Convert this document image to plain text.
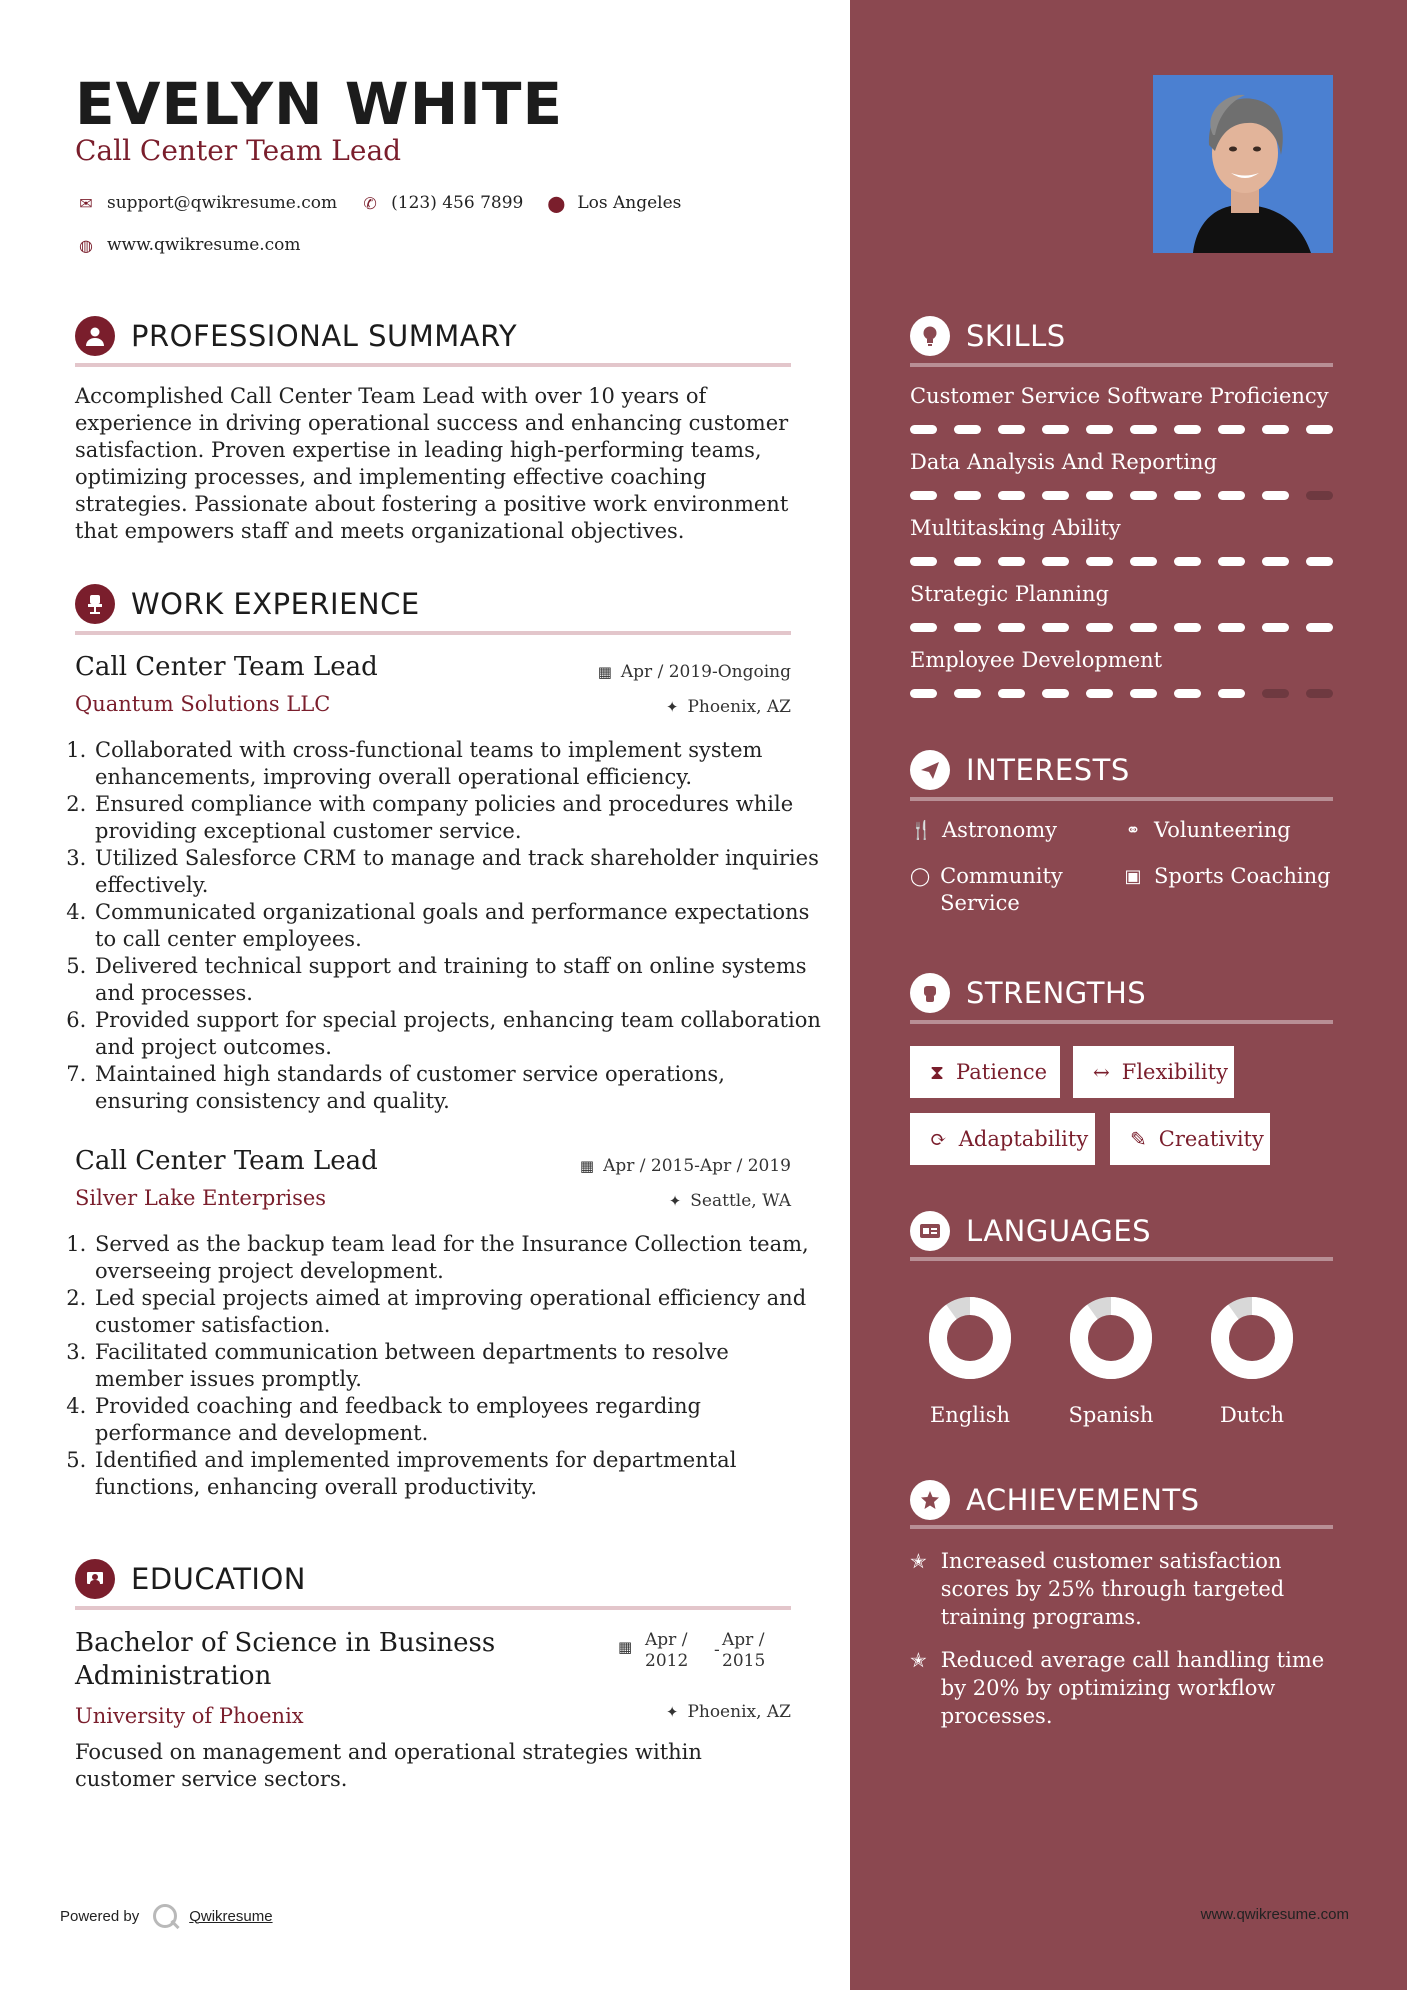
EVELYN WHITE
Call Center Team Lead
✉ support@qwikresume.com ✆ (123) 456 7899 ⬤ Los Angeles
◍ www.qwikresume.com
PROFESSIONAL SUMMARY
Accomplished Call Center Team Lead with over 10 years of experience in driving operational success and enhancing customer satisfaction. Proven expertise in leading high-performing teams, optimizing processes, and implementing effective coaching strategies. Passionate about fostering a positive work environment that empowers staff and meets organizational objectives.
WORK EXPERIENCE
Call Center Team Lead	▦ Apr / 2019-Ongoing
Quantum Solutions LLC	✦ Phoenix, AZ
1. Collaborated with cross-functional teams to implement system enhancements, improving overall operational efficiency.
2. Ensured compliance with company policies and procedures while providing exceptional customer service.
3. Utilized Salesforce CRM to manage and track shareholder inquiries effectively.
4. Communicated organizational goals and performance expectations to call center employees.
5. Delivered technical support and training to staff on online systems and processes.
6. Provided support for special projects, enhancing team collaboration and project outcomes.
7. Maintained high standards of customer service operations, ensuring consistency and quality.
Call Center Team Lead	▦ Apr / 2015-Apr / 2019
Silver Lake Enterprises	✦ Seattle, WA
1. Served as the backup team lead for the Insurance Collection team, overseeing project development.
2. Led special projects aimed at improving operational efficiency and customer satisfaction.
3. Facilitated communication between departments to resolve member issues promptly.
4. Provided coaching and feedback to employees regarding performance and development.
5. Identified and implemented improvements for departmental functions, enhancing overall productivity.
EDUCATION
Bachelor of Science in Business Administration
▦ Apr /
2012
- Apr /
2015
University of Phoenix	✦ Phoenix, AZ
Focused on management and operational strategies within customer service sectors.
Powered by	Qwikresume
SKILLS
Customer Service Software Proficiency
Data Analysis And Reporting
Multitasking Ability
Strategic Planning
Employee Development
INTERESTS
🍴 Astronomy	⚭ Volunteering
◯ Community Service
▣ Sports Coaching
STRENGTHS
⧗ Patience ↔ Flexibility
⟳ Adaptability ✎ Creativity
LANGUAGES
English	Spanish	Dutch
ACHIEVEMENTS
✭ Increased customer satisfaction scores by 25% through targeted training programs.
✭ Reduced average call handling time by 20% by optimizing workflow processes.
www.qwikresume.com
